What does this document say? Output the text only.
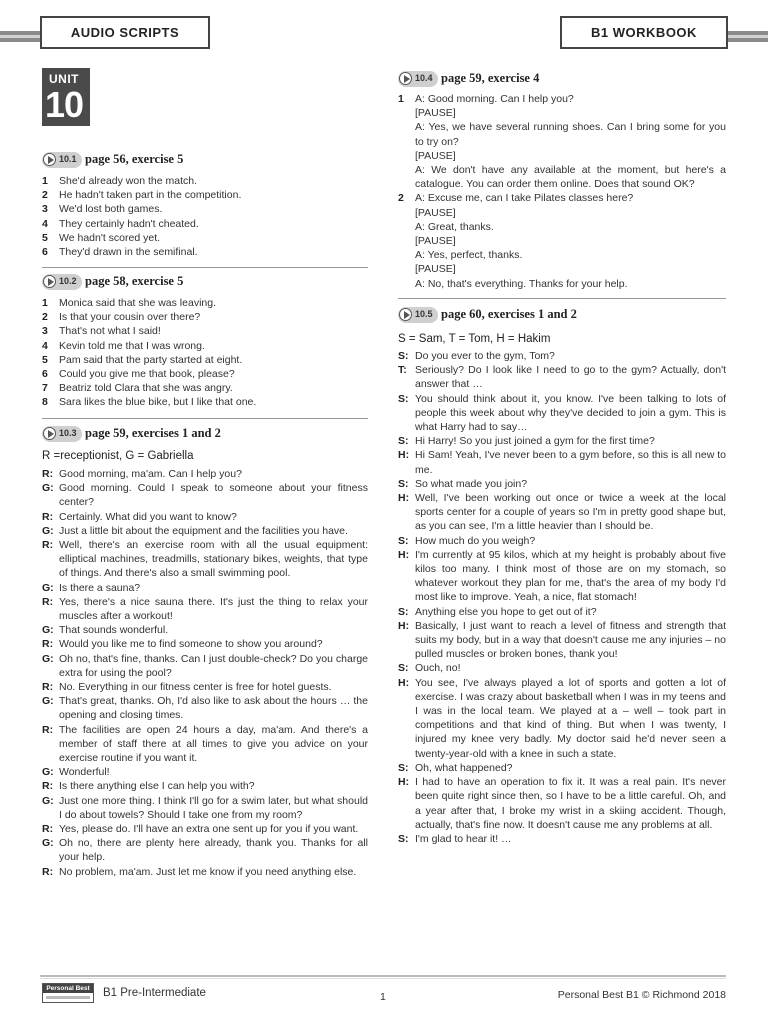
AUDIO SCRIPTS	B1 WORKBOOK
UNIT
10
10.1 page 56, exercise 5
1	She'd already won the match.
2	He hadn't taken part in the competition.
3	We'd lost both games.
4	They certainly hadn't cheated.
5	We hadn't scored yet.
6	They'd drawn in the semifinal.
10.2 page 58, exercise 5
1	Monica said that she was leaving.
2	Is that your cousin over there?
3	That's not what I said!
4	Kevin told me that I was wrong.
5	Pam said that the party started at eight.
6	Could you give me that book, please?
7	Beatriz told Clara that she was angry.
8	Sara likes the blue bike, but I like that one.
10.3 page 59, exercises 1 and 2
R =receptionist, G = Gabriella
R: Good morning, ma'am. Can I help you?
G: Good morning. Could I speak to someone about your fitness center?
R: Certainly. What did you want to know?
G: Just a little bit about the equipment and the facilities you have.
R: Well, there's an exercise room with all the usual equipment: elliptical machines, treadmills, stationary bikes, weights, that type of things. And there's also a small swimming pool.
G: Is there a sauna?
R: Yes, there's a nice sauna there. It's just the thing to relax your muscles after a workout!
G: That sounds wonderful.
R: Would you like me to find someone to show you around?
G: Oh no, that's fine, thanks. Can I just double-check? Do you charge extra for using the pool?
R: No. Everything in our fitness center is free for hotel guests.
G: That's great, thanks. Oh, I'd also like to ask about the hours … the opening and closing times.
R: The facilities are open 24 hours a day, ma'am. And there's a member of staff there at all times to give you advice on your exercise routine if you want it.
G: Wonderful!
R: Is there anything else I can help you with?
G: Just one more thing. I think I'll go for a swim later, but what should I do about towels? Should I take one from my room?
R: Yes, please do. I'll have an extra one sent up for you if you want.
G: Oh no, there are plenty here already, thank you. Thanks for all your help.
R: No problem, ma'am. Just let me know if you need anything else.
10.4 page 59, exercise 4
1	A: Good morning. Can I help you?
[PAUSE]
A: Yes, we have several running shoes. Can I bring some for you to try on?
[PAUSE]
A: We don't have any available at the moment, but here's a catalogue. You can order them online. Does that sound OK?
2	A: Excuse me, can I take Pilates classes here?
[PAUSE]
A: Great, thanks.
[PAUSE]
A: Yes, perfect, thanks.
[PAUSE]
A: No, that's everything. Thanks for your help.
10.5 page 60, exercises 1 and 2
S = Sam, T = Tom, H = Hakim
S: Do you ever to the gym, Tom?
T: Seriously? Do I look like I need to go to the gym? Actually, don't answer that …
S: You should think about it, you know. I've been talking to lots of people this week about why they've decided to join a gym. This is what Harry had to say…
S: Hi Harry! So you just joined a gym for the first time?
H: Hi Sam! Yeah, I've never been to a gym before, so this is all new to me.
S: So what made you join?
H: Well, I've been working out once or twice a week at the local sports center for a couple of years so I'm in pretty good shape but, as you can see, I'm a little heavier than I should be.
S: How much do you weigh?
H: I'm currently at 95 kilos, which at my height is probably about five kilos too many. I think most of those are on my stomach, so whatever workout they plan for me, that's the area of my body I'd most like to improve. Yeah, a nice, flat stomach!
S: Anything else you hope to get out of it?
H: Basically, I just want to reach a level of fitness and strength that suits my body, but in a way that doesn't cause me any injuries – no pulled muscles or broken bones, thank you!
S: Ouch, no!
H: You see, I've always played a lot of sports and gotten a lot of exercise. I was crazy about basketball when I was in my teens and I was in the local team. We played at a – well – took part in competitions and that kind of thing. But when I was twenty, I injured my knee very badly. My doctor said he'd never seen a twenty-year-old with a knee in such a state.
S: Oh, what happened?
H: I had to have an operation to fix it. It was a real pain. It's never been quite right since then, so I have to be a little careful. Oh, and a year after that, I broke my wrist in a skiing accident. Though, actually, that's fine now. It doesn't cause me any problems at all.
S: I'm glad to hear it! …
Personal Best B1 Pre-Intermediate	1	Personal Best B1 © Richmond 2018
